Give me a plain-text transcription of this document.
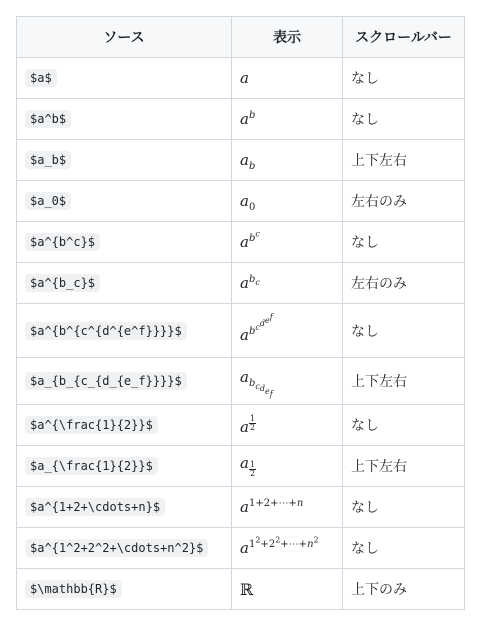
ソース	表示	スクロールバー
$a$	a	なし
$a^b$	$a^b$	なし
$a_b$	$a_b$	上下左右
$a_0$	$a_0$	左右のみ
$a^{b^c}$	$a^{b^c}$	なし
$a^{b_c}$	$a^{b_c}$	左右のみ
$a^{b^{c^{d^{e^f}}}}$	$a^{b^{c^{d^{e^f}}}}$	なし
$a_{b_{c_{d_{e_f}}}}$	$a_{b_{c_{d_{e_f}}}}$	上下左右
$a^{\frac{1}{2}}$	a $^{\frac{1}{2}}$	なし
$a_{\frac{1}{2}}$	a $_{\frac{1}{2}}$	上下左右
$a^{1+2+\cdots+n}$	$a^{1+2+\cdots+n}$	なし
$a^{1^2+2^2+\cdots+n^2}$	$a^{1^2+2^2+\cdots+n^2}$	なし
$\mathbb{R}$	ℝ	上下のみ
